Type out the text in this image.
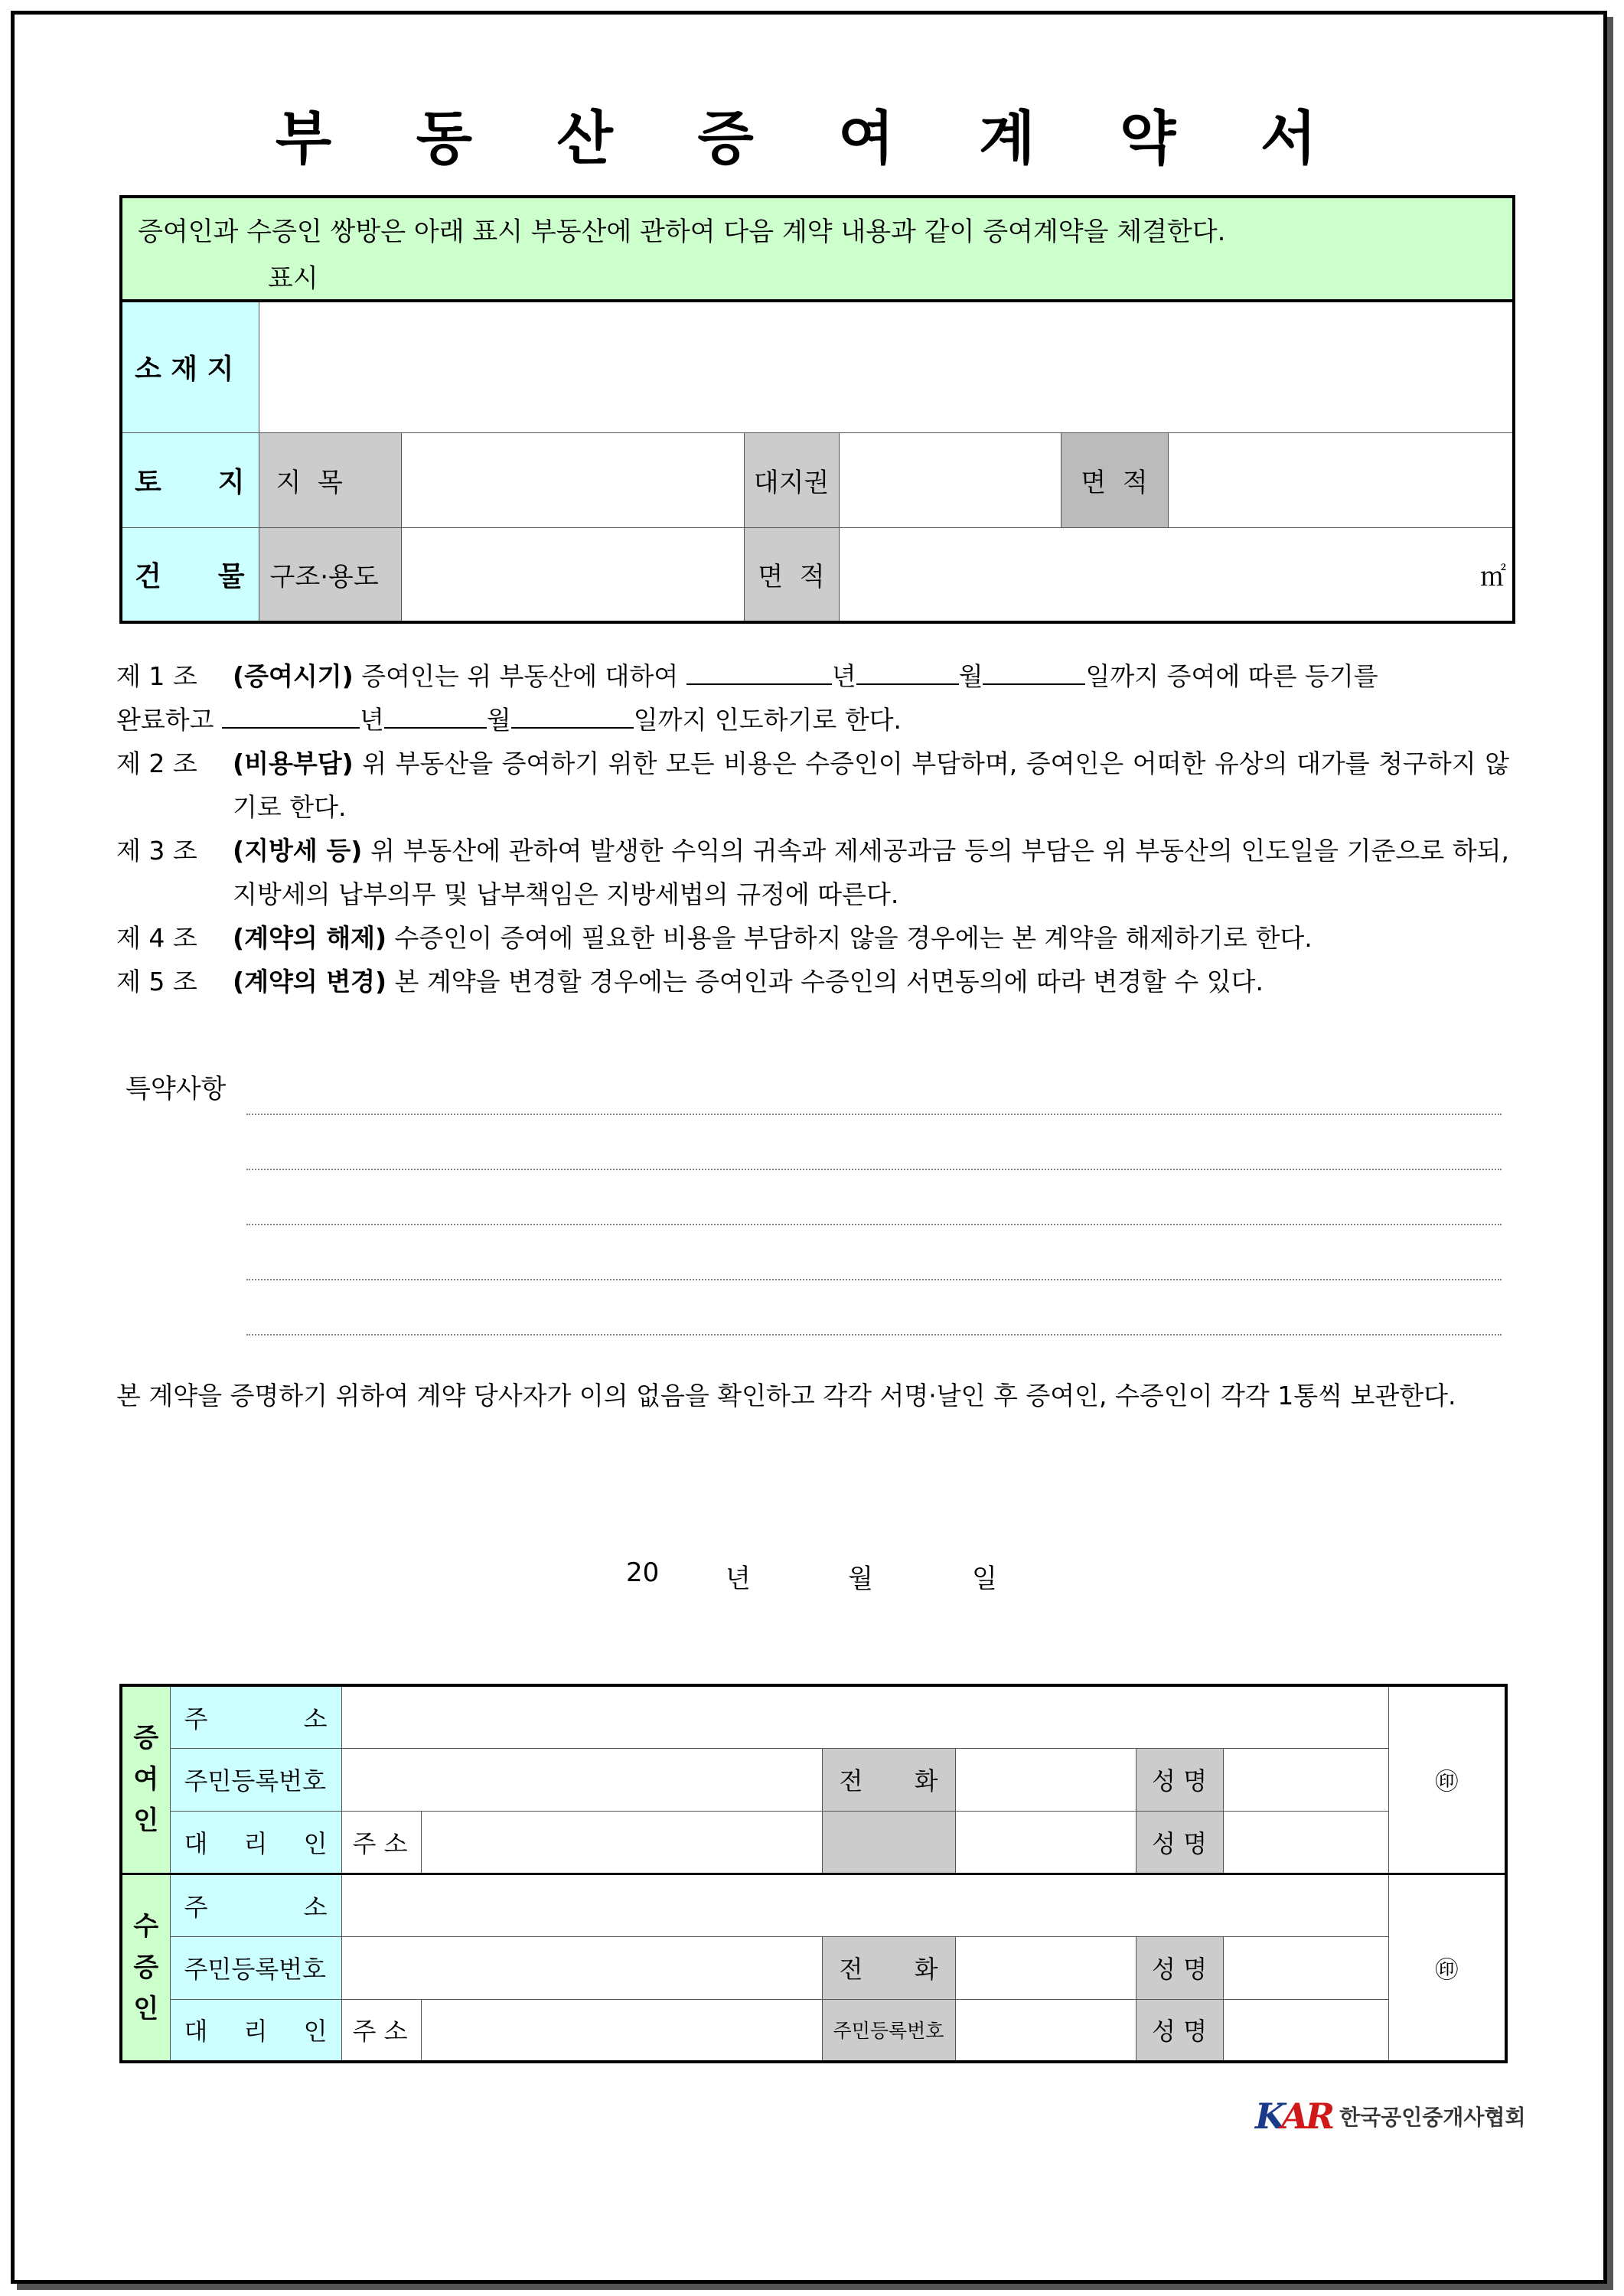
부 동 산 증 여 계 약 서
증여인과 수증인 쌍방은 아래 표시 부동산에 관하여 다음 계약 내용과 같이 증여계약을 체결한다.
표시						

소 재 지						

토 지	지  목		대지권		면  적	

건 물	구조·용도		면  적	㎡		
제 1 조	(증여시기) 증여인는 위 부동산에 대하여	년	월	일까지 증여에 따른 등기를
완료하고	년	월	일까지 인도하기로 한다.
제 2 조	(비용부담) 위 부동산을 증여하기 위한 모든 비용은 수증인이 부담하며, 증여인은 어떠한 유상의 대가를 청구하지 않기로 한다.
제 3 조	(지방세 등) 위 부동산에 관하여 발생한 수익의 귀속과 제세공과금 등의 부담은 위 부동산의 인도일을 기준으로 하되, 지방세의 납부의무 및 납부책임은 지방세법의 규정에 따른다.
제 4 조	(계약의 해제) 수증인이 증여에 필요한 비용을 부담하지 않을 경우에는 본 계약을 해제하기로 한다.
제 5 조	(계약의 변경) 본 계약을 변경할 경우에는 증여인과 수증인의 서면동의에 따라 변경할 수 있다.
특약사항
본 계약을 증명하기 위하여 계약 당사자가 이의 없음을 확인하고 각각 서명·날인 후 증여인, 수증인이 각각 1통씩 보관한다.
20	년	월	일
증
여
인	주 소							㊞
	주민등록번호			전 화		성 명		

	대 리 인	주 소				성 명		
수
증
인	주 소							㊞
	주민등록번호			전 화		성 명		

	대 리 인	주 소		주민등록번호		성 명		
KAR 한국공인중개사협회
